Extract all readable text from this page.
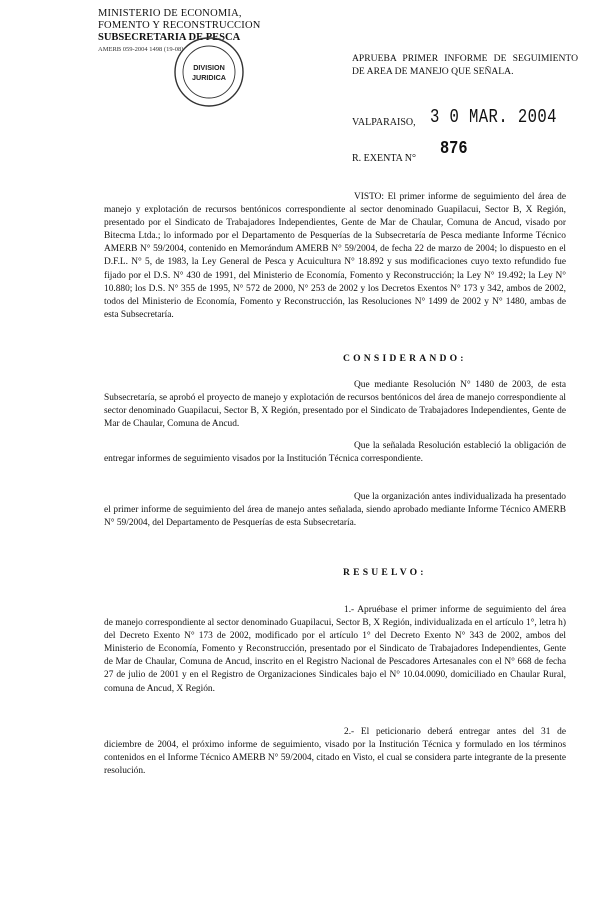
MINISTERIO DE ECONOMIA,
FOMENTO Y RECONSTRUCCION
SUBSECRETARIA DE PESCA
AMERB 059-2004 1498 (19-08)
DIVISION
JURIDICA
APRUEBA PRIMER INFORME DE SEGUIMIENTO DE AREA DE MANEJO QUE SEÑALA.
VALPARAISO, 3 0 MAR. 2004
R. EXENTA N° 876
VISTO: El primer informe de seguimiento del área de manejo y explotación de recursos bentónicos correspondiente al sector denominado Guapilacui, Sector B, X Región, presentado por el Sindicato de Trabajadores Independientes, Gente de Mar de Chaular, Comuna de Ancud, visado por Bitecma Ltda.; lo informado por el Departamento de Pesquerías de la Subsecretaría de Pesca mediante Informe Técnico AMERB N° 59/2004, contenido en Memorándum AMERB N° 59/2004, de fecha 22 de marzo de 2004; lo dispuesto en el D.F.L. N° 5, de 1983, la Ley General de Pesca y Acuicultura N° 18.892 y sus modificaciones cuyo texto refundido fue fijado por el D.S. N° 430 de 1991, del Ministerio de Economía, Fomento y Reconstrucción; la Ley N° 19.492; la Ley N° 10.880; los D.S. N° 355 de 1995, N° 572 de 2000, N° 253 de 2002 y los Decretos Exentos N° 173 y 342, ambos de 2002, todos del Ministerio de Economía, Fomento y Reconstrucción, las Resoluciones N° 1499 de 2002 y N° 1480, ambas de esta Subsecretaría.
CONSIDERANDO:
Que mediante Resolución N° 1480 de 2003, de esta Subsecretaría, se aprobó el proyecto de manejo y explotación de recursos bentónicos del área de manejo correspondiente al sector denominado Guapilacui, Sector B, X Región, presentado por el Sindicato de Trabajadores Independientes, Gente de Mar de Chaular, Comuna de Ancud.
Que la señalada Resolución estableció la obligación de entregar informes de seguimiento visados por la Institución Técnica correspondiente.
Que la organización antes individualizada ha presentado el primer informe de seguimiento del área de manejo antes señalada, siendo aprobado mediante Informe Técnico AMERB N° 59/2004, del Departamento de Pesquerías de esta Subsecretaría.
RESUELVO:
1.- Apruébase el primer informe de seguimiento del área de manejo correspondiente al sector denominado Guapilacui, Sector B, X Región, individualizada en el artículo 1°, letra h) del Decreto Exento N° 173 de 2002, modificado por el artículo 1° del Decreto Exento N° 343 de 2002, ambos del Ministerio de Economía, Fomento y Reconstrucción, presentado por el Sindicato de Trabajadores Independientes, Gente de Mar de Chaular, Comuna de Ancud, inscrito en el Registro Nacional de Pescadores Artesanales con el N° 668 de fecha 27 de julio de 2001 y en el Registro de Organizaciones Sindicales bajo el N° 10.04.0090, domiciliado en Chaular Rural, comuna de Ancud, X Región.
2.- El peticionario deberá entregar antes del 31 de diciembre de 2004, el próximo informe de seguimiento, visado por la Institución Técnica y formulado en los términos contenidos en el Informe Técnico AMERB N° 59/2004, citado en Visto, el cual se considera parte integrante de la presente resolución.
